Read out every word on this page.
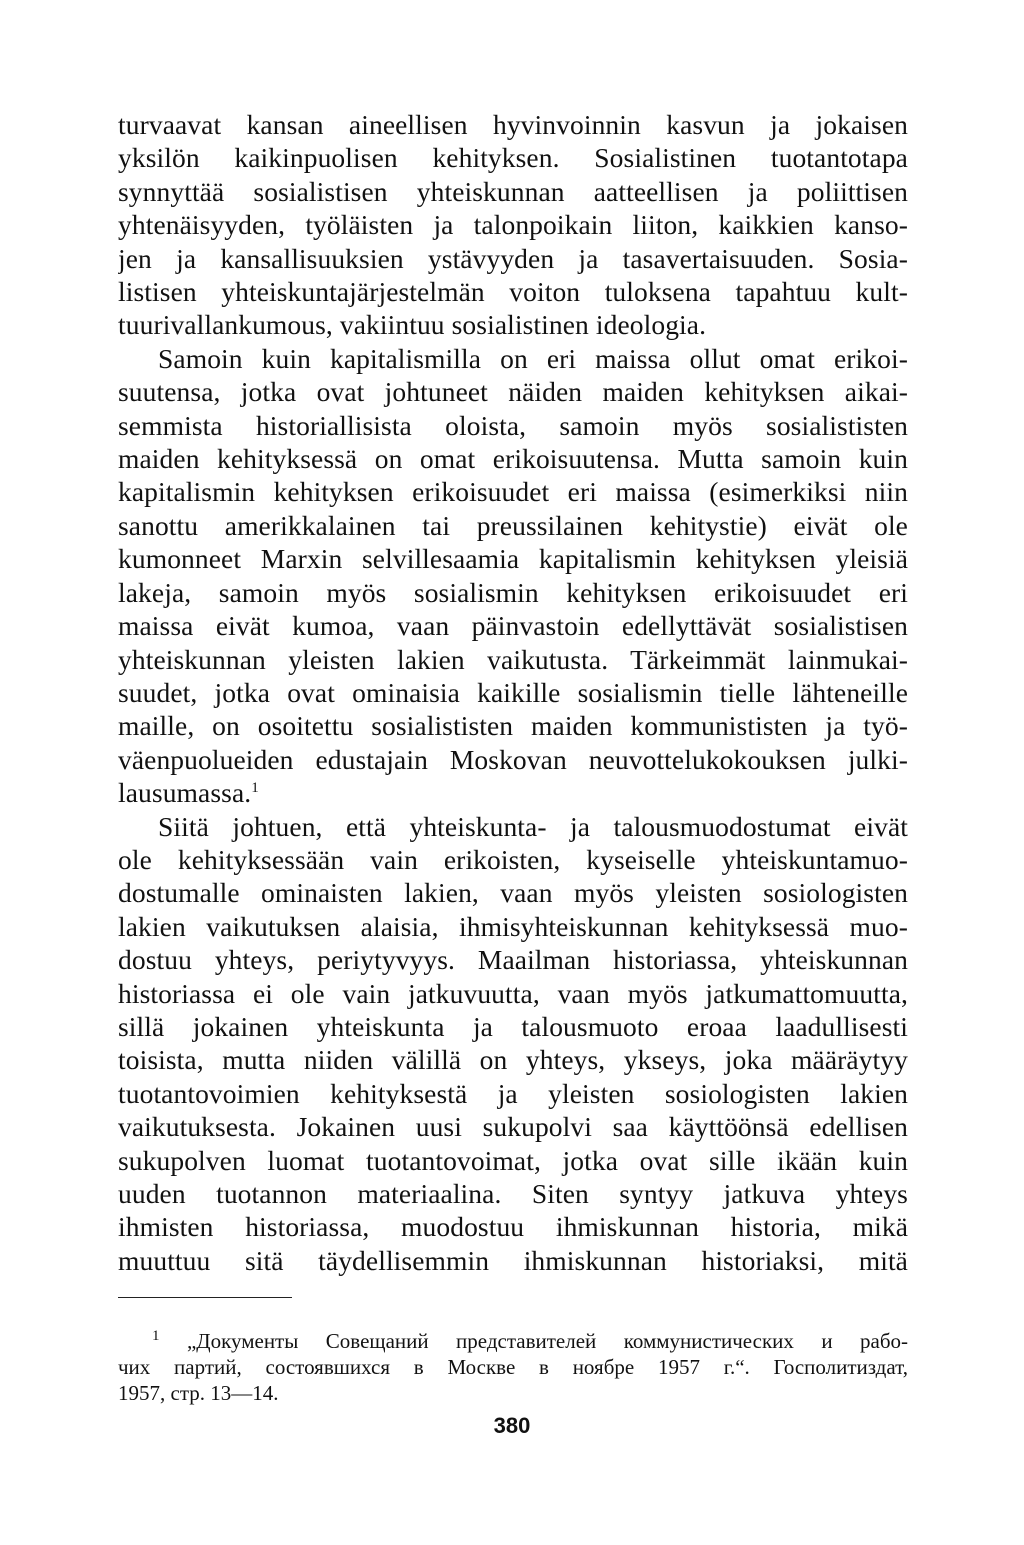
turvaavat kansan aineellisen hyvinvoinnin kasvun ja jokaisen
yksilön kaikinpuolisen kehityksen. Sosialistinen tuotantotapa
synnyttää sosialistisen yhteiskunnan aatteellisen ja poliittisen
yhtenäisyyden, työläisten ja talonpoikain liiton, kaikkien kanso-
jen ja kansallisuuksien ystävyyden ja tasavertaisuuden. Sosia-
listisen yhteiskuntajärjestelmän voiton tuloksena tapahtuu kult-
tuurivallankumous, vakiintuu sosialistinen ideologia.
Samoin kuin kapitalismilla on eri maissa ollut omat erikoi-
suutensa, jotka ovat johtuneet näiden maiden kehityksen aikai-
semmista historiallisista oloista, samoin myös sosialististen
maiden kehityksessä on omat erikoisuutensa. Mutta samoin kuin
kapitalismin kehityksen erikoisuudet eri maissa (esimerkiksi niin
sanottu amerikkalainen tai preussilainen kehitystie) eivät ole
kumonneet Marxin selvillesaamia kapitalismin kehityksen yleisiä
lakeja, samoin myös sosialismin kehityksen erikoisuudet eri
maissa eivät kumoa, vaan päinvastoin edellyttävät sosialistisen
yhteiskunnan yleisten lakien vaikutusta. Tärkeimmät lainmukai-
suudet, jotka ovat ominaisia kaikille sosialismin tielle lähteneille
maille, on osoitettu sosialististen maiden kommunististen ja työ-
väenpuolueiden edustajain Moskovan neuvottelukokouksen julki-
lausumassa.$^1$
Siitä johtuen, että yhteiskunta- ja talousmuodostumat eivät
ole kehityksessään vain erikoisten, kyseiselle yhteiskuntamuo-
dostumalle ominaisten lakien, vaan myös yleisten sosiologisten
lakien vaikutuksen alaisia, ihmisyhteiskunnan kehityksessä muo-
dostuu yhteys, periytyvyys. Maailman historiassa, yhteiskunnan
historiassa ei ole vain jatkuvuutta, vaan myös jatkumattomuutta,
sillä jokainen yhteiskunta ja talousmuoto eroaa laadullisesti
toisista, mutta niiden välillä on yhteys, ykseys, joka määräytyy
tuotantovoimien kehityksestä ja yleisten sosiologisten lakien
vaikutuksesta. Jokainen uusi sukupolvi saa käyttöönsä edellisen
sukupolven luomat tuotantovoimat, jotka ovat sille ikään kuin
uuden tuotannon materiaalina. Siten syntyy jatkuva yhteys
ihmisten historiassa, muodostuu ihmiskunnan historia, mikä
muuttuu sitä täydellisemmin ihmiskunnan historiaksi, mitä
$^1$ „Документы Совещаний представителей коммунистических и рабо-
чих партий, состоявшихся в Москве в ноябре 1957 г.“. Госполитиздат,
1957, стр. 13—14.
380
